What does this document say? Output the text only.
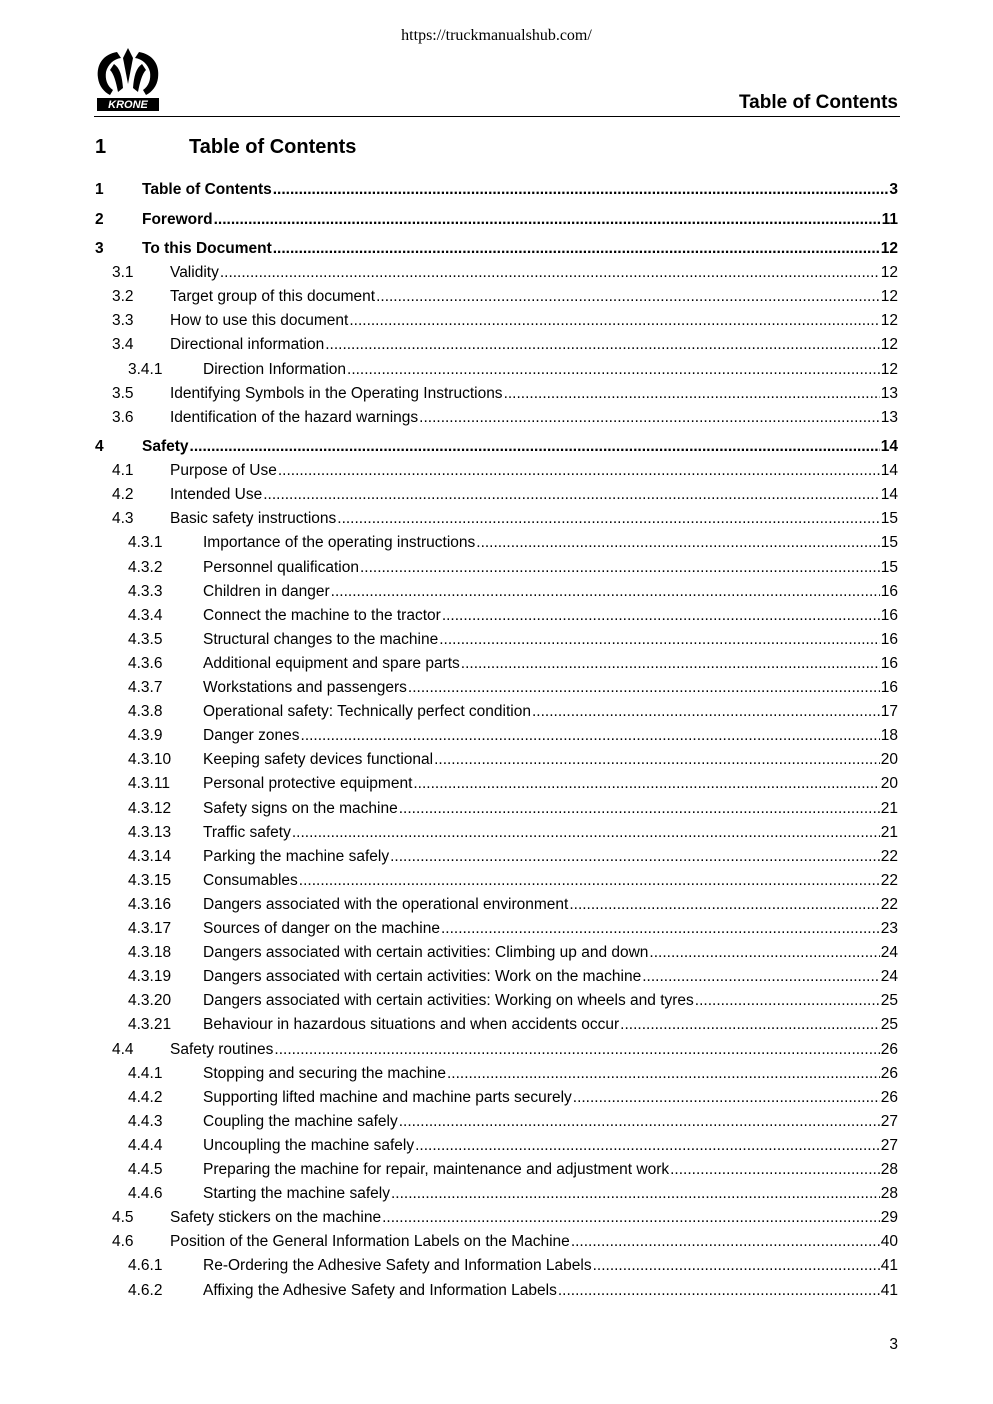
https://truckmanualshub.com/
KRONE	Table of Contents
1	Table of Contents
1 Table of Contents .....	3
2 Foreword .....	11
3 To this Document .....	12
3.1 Validity .....	12
3.2 Target group of this document .....	12
3.3 How to use this document .....	12
3.4 Directional information .....	12
3.4.1	Direction Information .....	12
3.5 Identifying Symbols in the Operating Instructions .....	13
3.6 Identification of the hazard warnings .....	13
4 Safety .....	14
4.1 Purpose of Use .....	14
4.2 Intended Use .....	14
4.3 Basic safety instructions .....	15
4.3.1	Importance of the operating instructions .....	15
4.3.2	Personnel qualification .....	15
4.3.3	Children in danger .....	16
4.3.4	Connect the machine to the tractor .....	16
4.3.5	Structural changes to the machine .....	16
4.3.6	Additional equipment and spare parts .....	16
4.3.7	Workstations and passengers .....	16
4.3.8	Operational safety: Technically perfect condition .....	17
4.3.9	Danger zones .....	18
4.3.10 Keeping safety devices functional .....	20
4.3.11 Personal protective equipment .....	20
4.3.12 Safety signs on the machine .....	21
4.3.13 Traffic safety .....	21
4.3.14 Parking the machine safely .....	22
4.3.15 Consumables .....	22
4.3.16 Dangers associated with the operational environment .....	22
4.3.17 Sources of danger on the machine .....	23
4.3.18 Dangers associated with certain activities: Climbing up and down .....	24
4.3.19 Dangers associated with certain activities: Work on the machine .....	24
4.3.20 Dangers associated with certain activities: Working on wheels and tyres .....	25
4.3.21 Behaviour in hazardous situations and when accidents occur .....	25
4.4 Safety routines .....	26
4.4.1	Stopping and securing the machine .....	26
4.4.2	Supporting lifted machine and machine parts securely .....	26
4.4.3	Coupling the machine safely .....	27
4.4.4	Uncoupling the machine safely .....	27
4.4.5	Preparing the machine for repair, maintenance and adjustment work .....	28
4.4.6	Starting the machine safely .....	28
4.5 Safety stickers on the machine .....	29
4.6 Position of the General Information Labels on the Machine .....	40
4.6.1	Re-Ordering the Adhesive Safety and Information Labels .....	41
4.6.2	Affixing the Adhesive Safety and Information Labels .....	41
3
